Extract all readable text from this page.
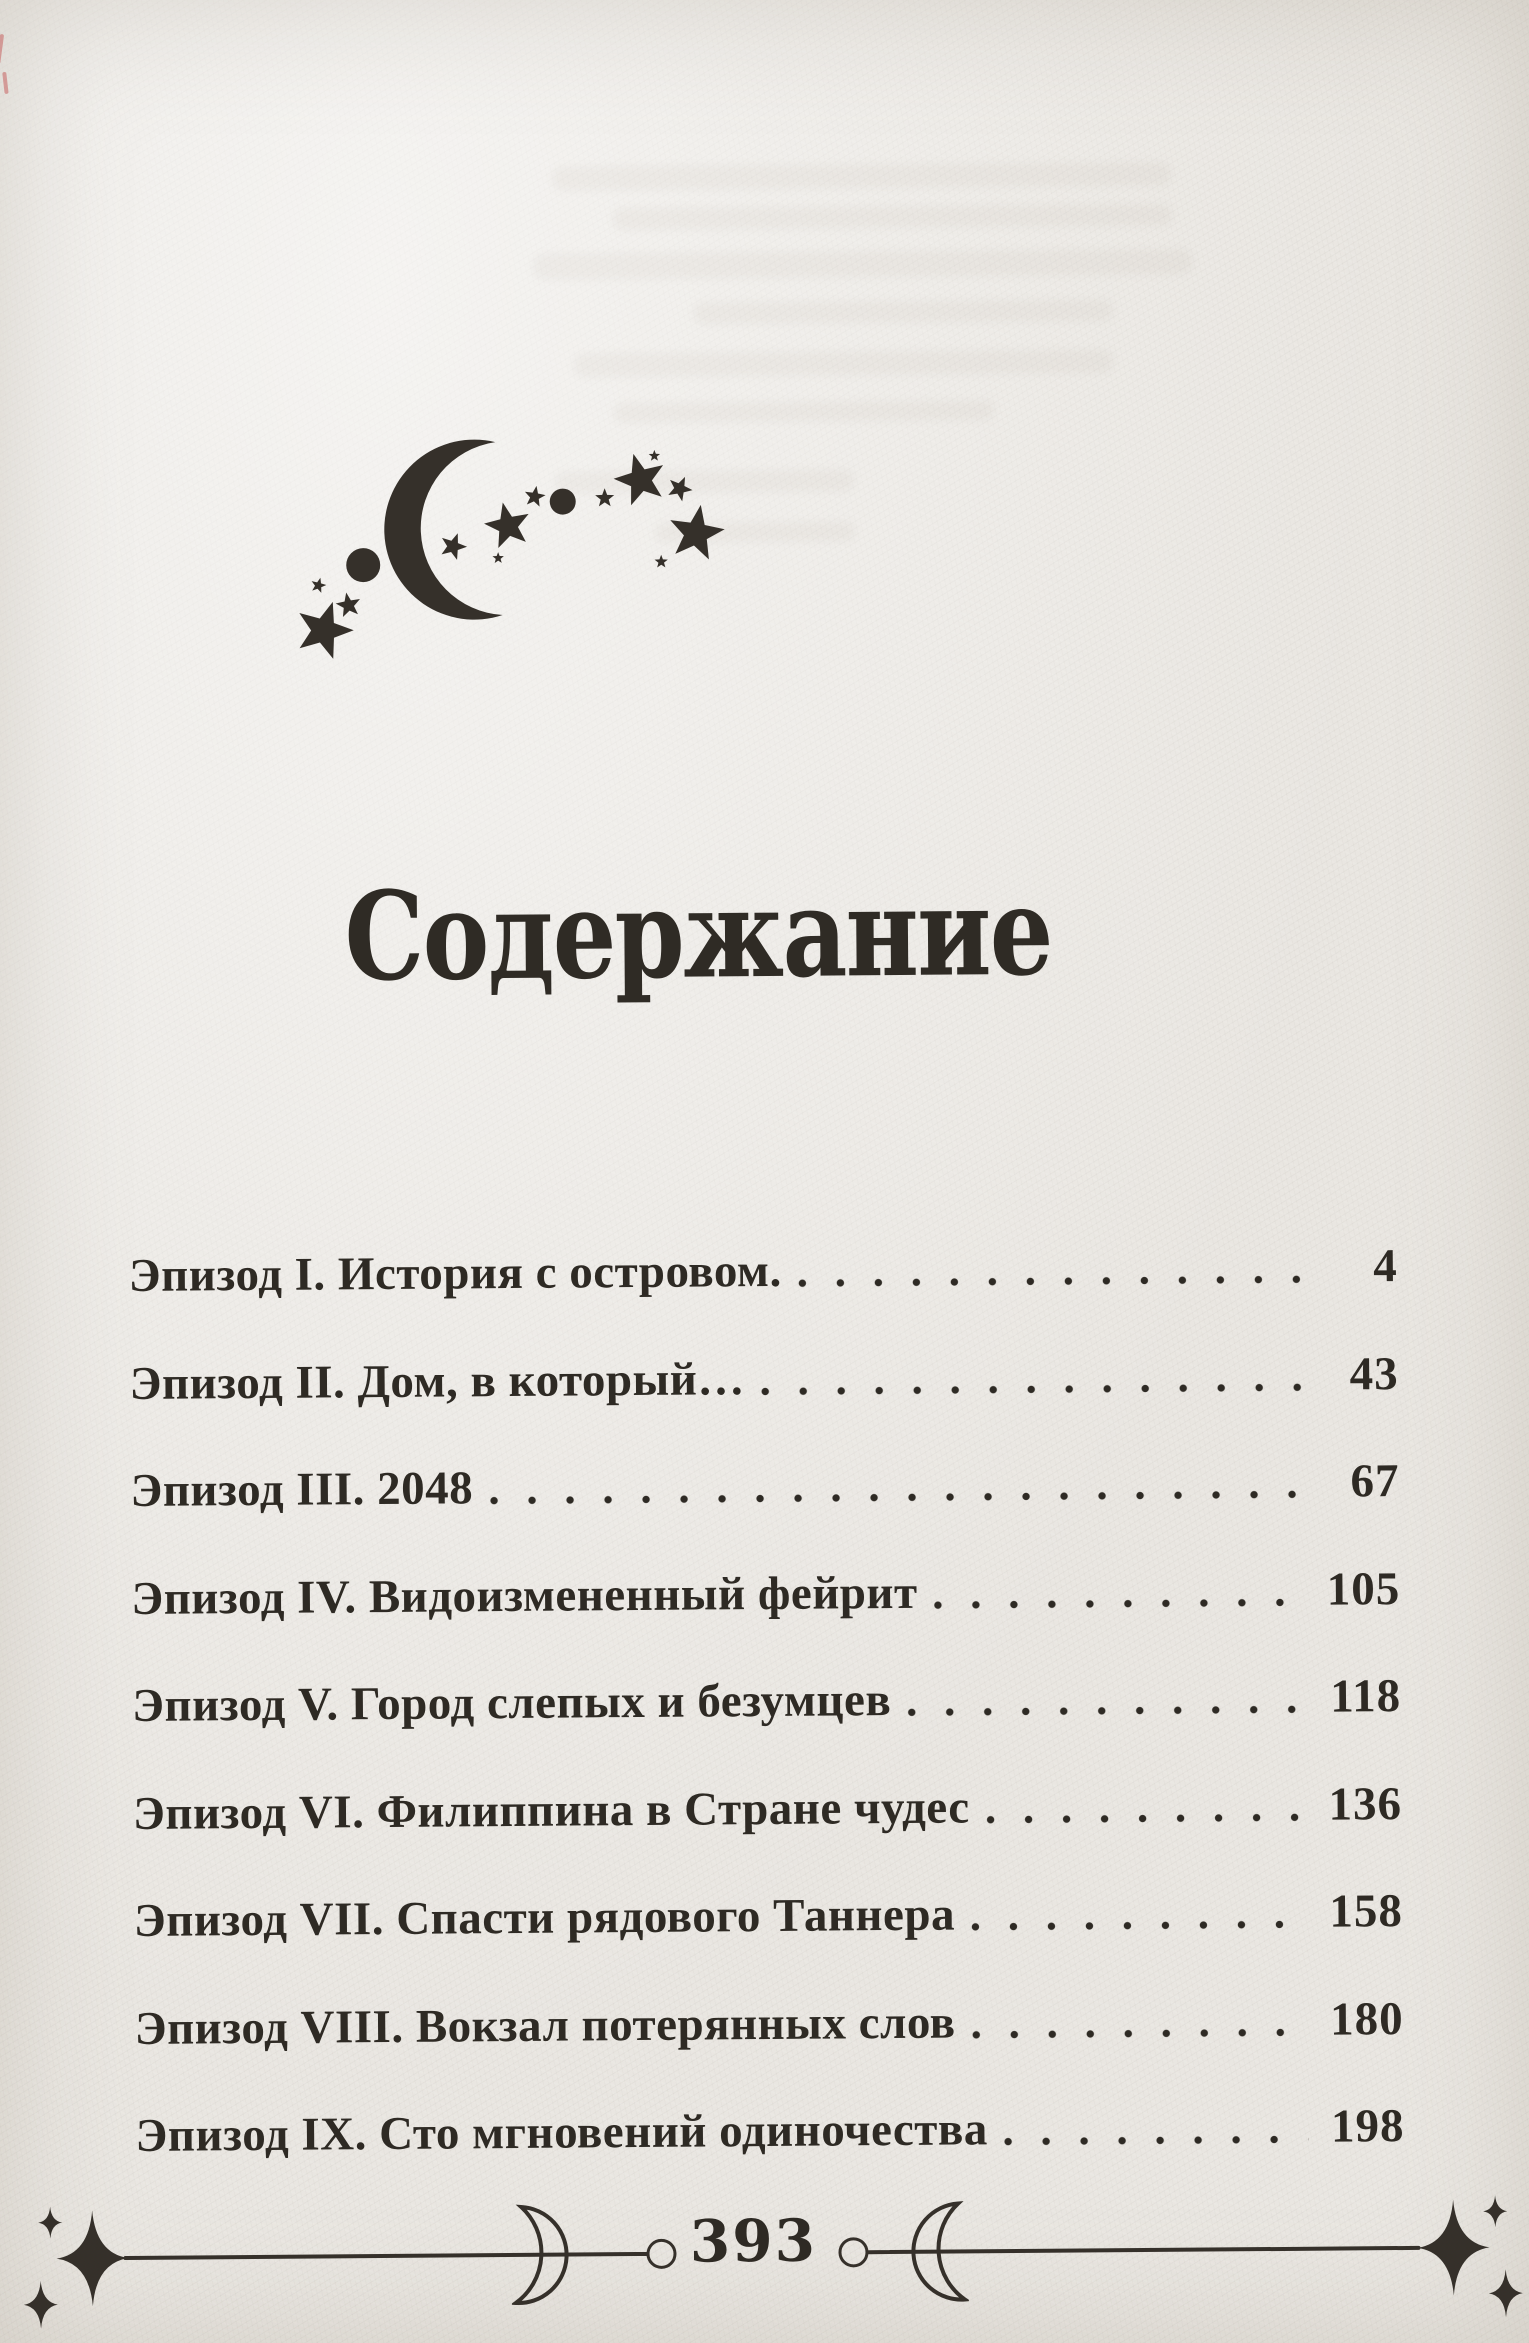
Содержание
Эпизод I. История с островом.	4
Эпизод II. Дом, в который…	43
Эпизод III. 2048	67
Эпизод IV. Видоизмененный фейрит	105
Эпизод V. Город слепых и безумцев	118
Эпизод VI. Филиппина в Стране чудес	136
Эпизод VII. Спасти рядового Таннера	158
Эпизод VIII. Вокзал потерянных слов	180
Эпизод IX. Сто мгновений одиночества	198
393
